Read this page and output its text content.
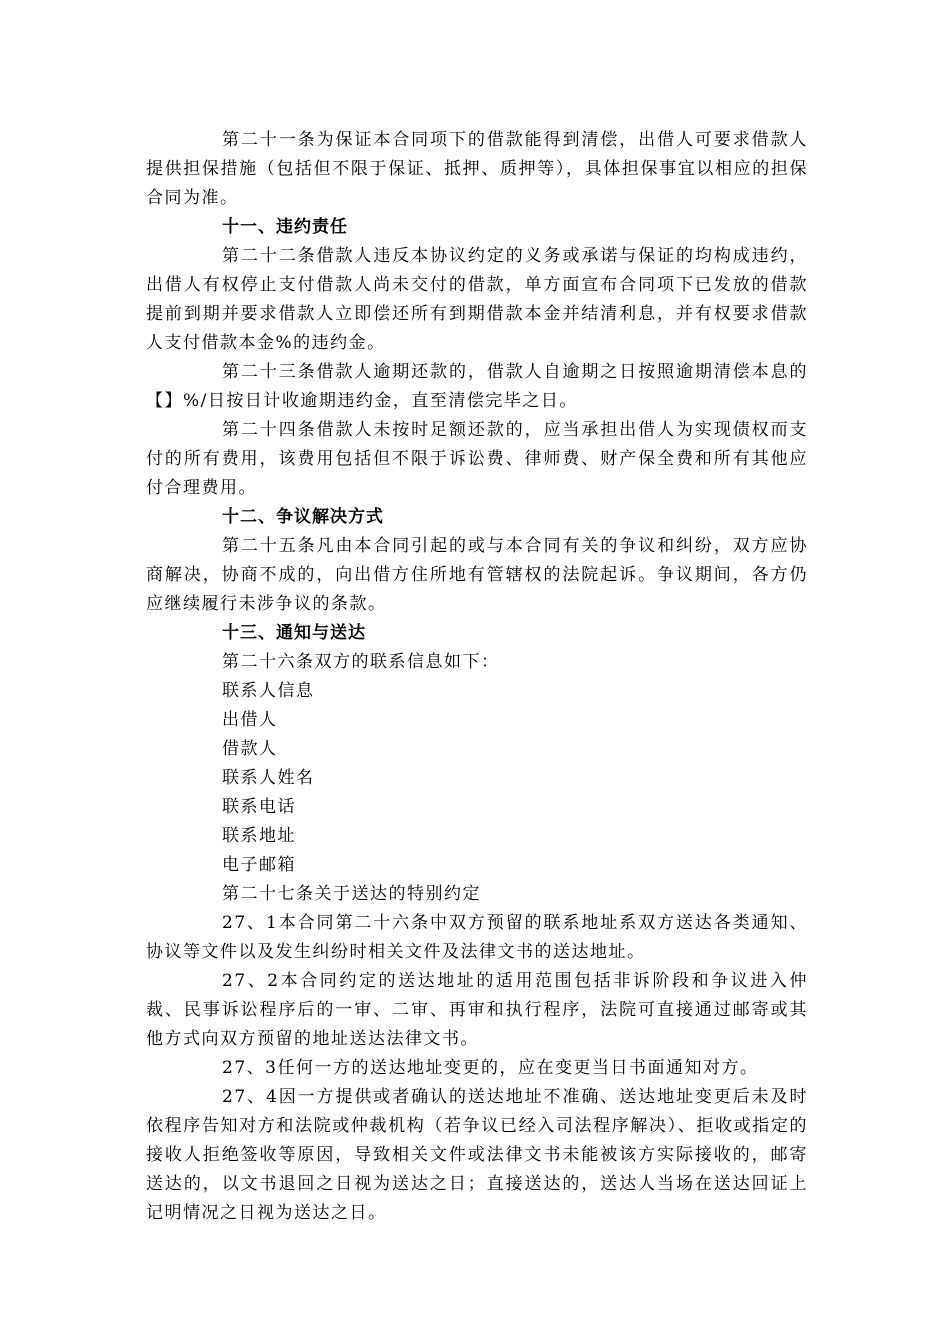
第二十一条为保证本合同项下的借款能得到清偿，出借人可要求借款人提供担保措施（包括但不限于保证、抵押、质押等），具体担保事宜以相应的担保合同为准。

十一、违约责任

第二十二条借款人违反本协议约定的义务或承诺与保证的均构成违约，出借人有权停止支付借款人尚未交付的借款，单方面宣布合同项下已发放的借款提前到期并要求借款人立即偿还所有到期借款本金并结清利息，并有权要求借款人支付借款本金%的违约金。

第二十三条借款人逾期还款的，借款人自逾期之日按照逾期清偿本息的【】%/日按日计收逾期违约金，直至清偿完毕之日。

第二十四条借款人未按时足额还款的，应当承担出借人为实现债权而支付的所有费用，该费用包括但不限于诉讼费、律师费、财产保全费和所有其他应付合理费用。

十二、争议解决方式

第二十五条凡由本合同引起的或与本合同有关的争议和纠纷，双方应协商解决，协商不成的，向出借方住所地有管辖权的法院起诉。争议期间，各方仍应继续履行未涉争议的条款。

十三、通知与送达

第二十六条双方的联系信息如下：

联系人信息

出借人

借款人

联系人姓名

联系电话

联系地址

电子邮箱

第二十七条关于送达的特别约定

27、1本合同第二十六条中双方预留的联系地址系双方送达各类通知、协议等文件以及发生纠纷时相关文件及法律文书的送达地址。

27、2本合同约定的送达地址的适用范围包括非诉阶段和争议进入仲裁、民事诉讼程序后的一审、二审、再审和执行程序，法院可直接通过邮寄或其他方式向双方预留的地址送达法律文书。

27、3任何一方的送达地址变更的，应在变更当日书面通知对方。

27、4因一方提供或者确认的送达地址不准确、送达地址变更后未及时依程序告知对方和法院或仲裁机构（若争议已经入司法程序解决）、拒收或指定的接收人拒绝签收等原因，导致相关文件或法律文书未能被该方实际接收的，邮寄送达的，以文书退回之日视为送达之日；直接送达的，送达人当场在送达回证上记明情况之日视为送达之日。
